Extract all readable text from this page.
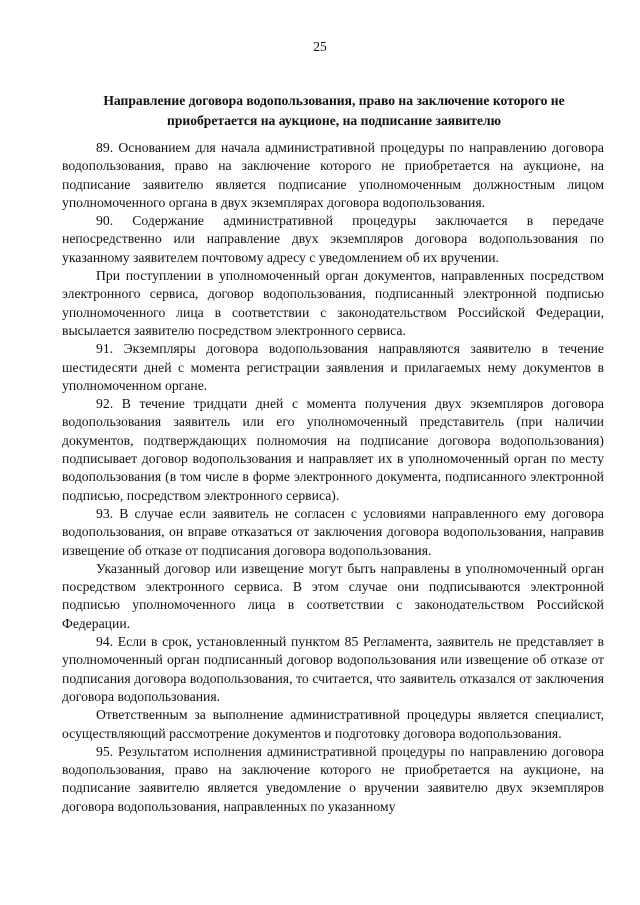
25
Направление договора водопользования, право на заключение которого не приобретается на аукционе, на подписание заявителю

89. Основанием для начала административной процедуры по направлению договора водопользования, право на заключение которого не приобретается на аукционе, на подписание заявителю является подписание уполномоченным должностным лицом уполномоченного органа в двух экземплярах договора водопользования.

90. Содержание административной процедуры заключается в передаче непосредственно или направление двух экземпляров договора водопользования по указанному заявителем почтовому адресу с уведомлением об их вручении.

При поступлении в уполномоченный орган документов, направленных посредством электронного сервиса, договор водопользования, подписанный электронной подписью уполномоченного лица в соответствии с законодательством Российской Федерации, высылается заявителю посредством электронного сервиса.

91. Экземпляры договора водопользования направляются заявителю в течение шестидесяти дней с момента регистрации заявления и прилагаемых нему документов в уполномоченном органе.

92. В течение тридцати дней с момента получения двух экземпляров договора водопользования заявитель или его уполномоченный представитель (при наличии документов, подтверждающих полномочия на подписание договора водопользования) подписывает договор водопользования и направляет их в уполномоченный орган по месту водопользования (в том числе в форме электронного документа, подписанного электронной подписью, посредством электронного сервиса).

93. В случае если заявитель не согласен с условиями направленного ему договора водопользования, он вправе отказаться от заключения договора водопользования, направив извещение об отказе от подписания договора водопользования.

Указанный договор или извещение могут быть направлены в уполномоченный орган посредством электронного сервиса. В этом случае они подписываются электронной подписью уполномоченного лица в соответствии с законодательством Российской Федерации.

94. Если в срок, установленный пунктом 85 Регламента, заявитель не представляет в уполномоченный орган подписанный договор водопользования или извещение об отказе от подписания договора водопользования, то считается, что заявитель отказался от заключения договора водопользования.

Ответственным за выполнение административной процедуры является специалист, осуществляющий рассмотрение документов и подготовку договора водопользования.

95. Результатом исполнения административной процедуры по направлению договора водопользования, право на заключение которого не приобретается на аукционе, на подписание заявителю является уведомление о вручении заявителю двух экземпляров договора водопользования, направленных по указанному
